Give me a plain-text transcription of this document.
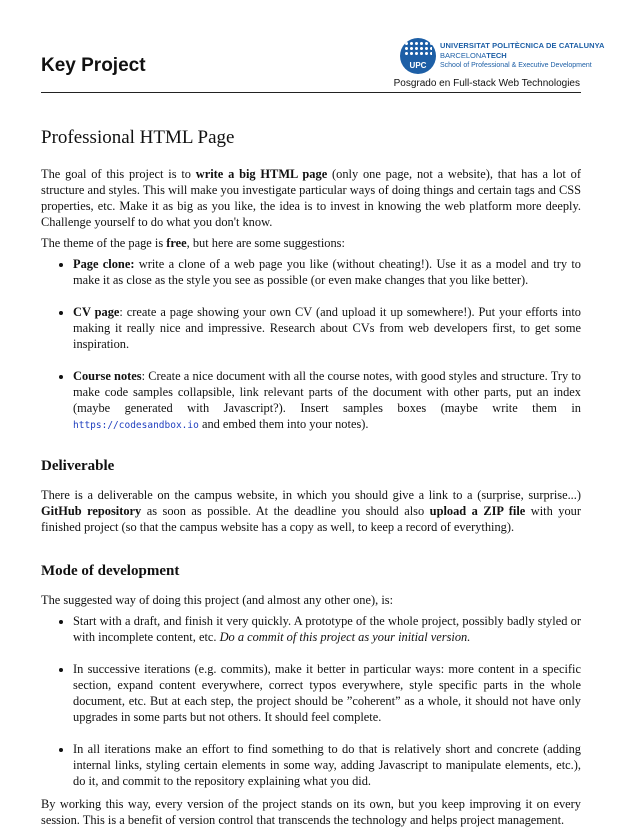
Key Project	UPC
UNIVERSITAT POLITÈCNICA DE CATALUNYA
BARCELONATECH
School of Professional & Executive Development
Posgrado en Full-stack Web Technologies
Professional HTML Page

The goal of this project is to write a big HTML page (only one page, not a website), that has a lot of structure and styles. This will make you investigate particular ways of doing things and certain tags and CSS properties, etc. Make it as big as you like, the idea is to invest in knowing the web platform more deeply. Challenge yourself to do what you don't know.

The theme of the page is free, but here are some suggestions:

• Page clone: write a clone of a web page you like (without cheating!). Use it as a model and try to make it as close as the style you see as possible (or even make changes that you like better).
• CV page: create a page showing your own CV (and upload it up somewhere!). Put your efforts into making it really nice and impressive. Research about CVs from web developers first, to get some inspiration.
• Course notes: Create a nice document with all the course notes, with good styles and structure. Try to make code samples collapsible, link relevant parts of the document with other parts, put an index (maybe generated with Javascript?). Insert samples boxes (maybe write them in https://codesandbox.io and embed them into your notes).
Deliverable

There is a deliverable on the campus website, in which you should give a link to a (surprise, surprise...) GitHub repository as soon as possible. At the deadline you should also upload a ZIP file with your finished project (so that the campus website has a copy as well, to keep a record of everything).

Mode of development

The suggested way of doing this project (and almost any other one), is:

• Start with a draft, and finish it very quickly. A prototype of the whole project, possibly badly styled or with incomplete content, etc. Do a commit of this project as your initial version.
• In successive iterations (e.g. commits), make it better in particular ways: more content in a specific section, expand content everywhere, correct typos everywhere, style specific parts in the whole document, etc. But at each step, the project should be ”coherent” as a whole, it should not have only upgrades in some parts but not others. It should feel complete.
• In all iterations make an effort to find something to do that is relatively short and concrete (adding internal links, styling certain elements in some way, adding Javascript to manipulate elements, etc.), do it, and commit to the repository explaining what you did.

By working this way, every version of the project stands on its own, but you keep improving it on every session. This is a benefit of version control that transcends the technology and helps project management.
